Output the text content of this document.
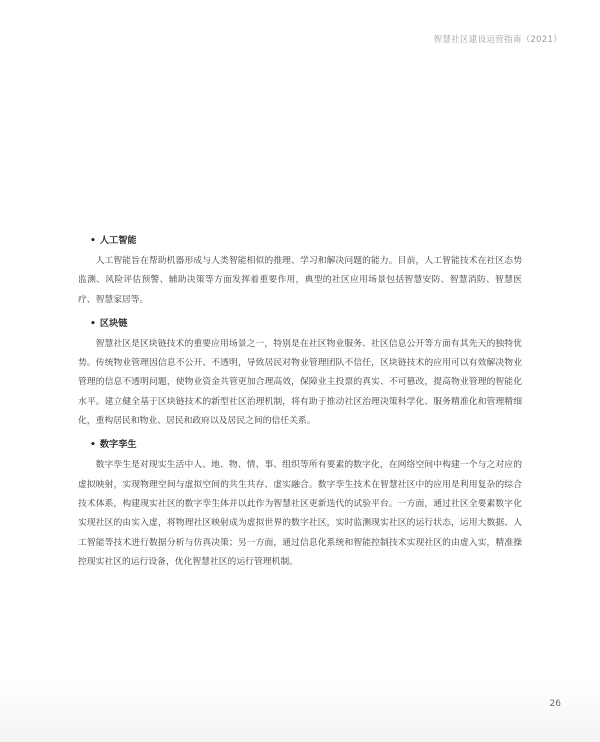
智慧社区建设运营指南（2021）
• 人工智能

人工智能旨在帮助机器形成与人类智能相似的推理、学习和解决问题的能力。目前，人工智能技术在社区态势监测、风险评估预警、辅助决策等方面发挥着重要作用，典型的社区应用场景包括智慧安防、智慧消防、智慧医疗、智慧家居等。

• 区块链

智慧社区是区块链技术的重要应用场景之一，特别是在社区物业服务、社区信息公开等方面有其先天的独特优势。传统物业管理因信息不公开、不透明，导致居民对物业管理团队不信任，区块链技术的应用可以有效解决物业管理的信息不透明问题，使物业资金共管更加合理高效，保障业主投票的真实、不可篡改，提高物业管理的智能化水平。建立健全基于区块链技术的新型社区治理机制，将有助于推动社区治理决策科学化、服务精准化和管理精细化，重构居民和物业、居民和政府以及居民之间的信任关系。

• 数字孪生

数字孪生是对现实生活中人、地、物、情、事、组织等所有要素的数字化，在网络空间中构建一个与之对应的虚拟映射，实现物理空间与虚拟空间的共生共存、虚实融合。数字孪生技术在智慧社区中的应用是利用复杂的综合技术体系，构建现实社区的数字孪生体并以此作为智慧社区更新迭代的试验平台。一方面，通过社区全要素数字化实现社区的由实入虚，将物理社区映射成为虚拟世界的数字社区，实时监测现实社区的运行状态，运用大数据、人工智能等技术进行数据分析与仿真决策；另一方面，通过信息化系统和智能控制技术实现社区的由虚入实，精准操控现实社区的运行设备，优化智慧社区的运行管理机制。

26
